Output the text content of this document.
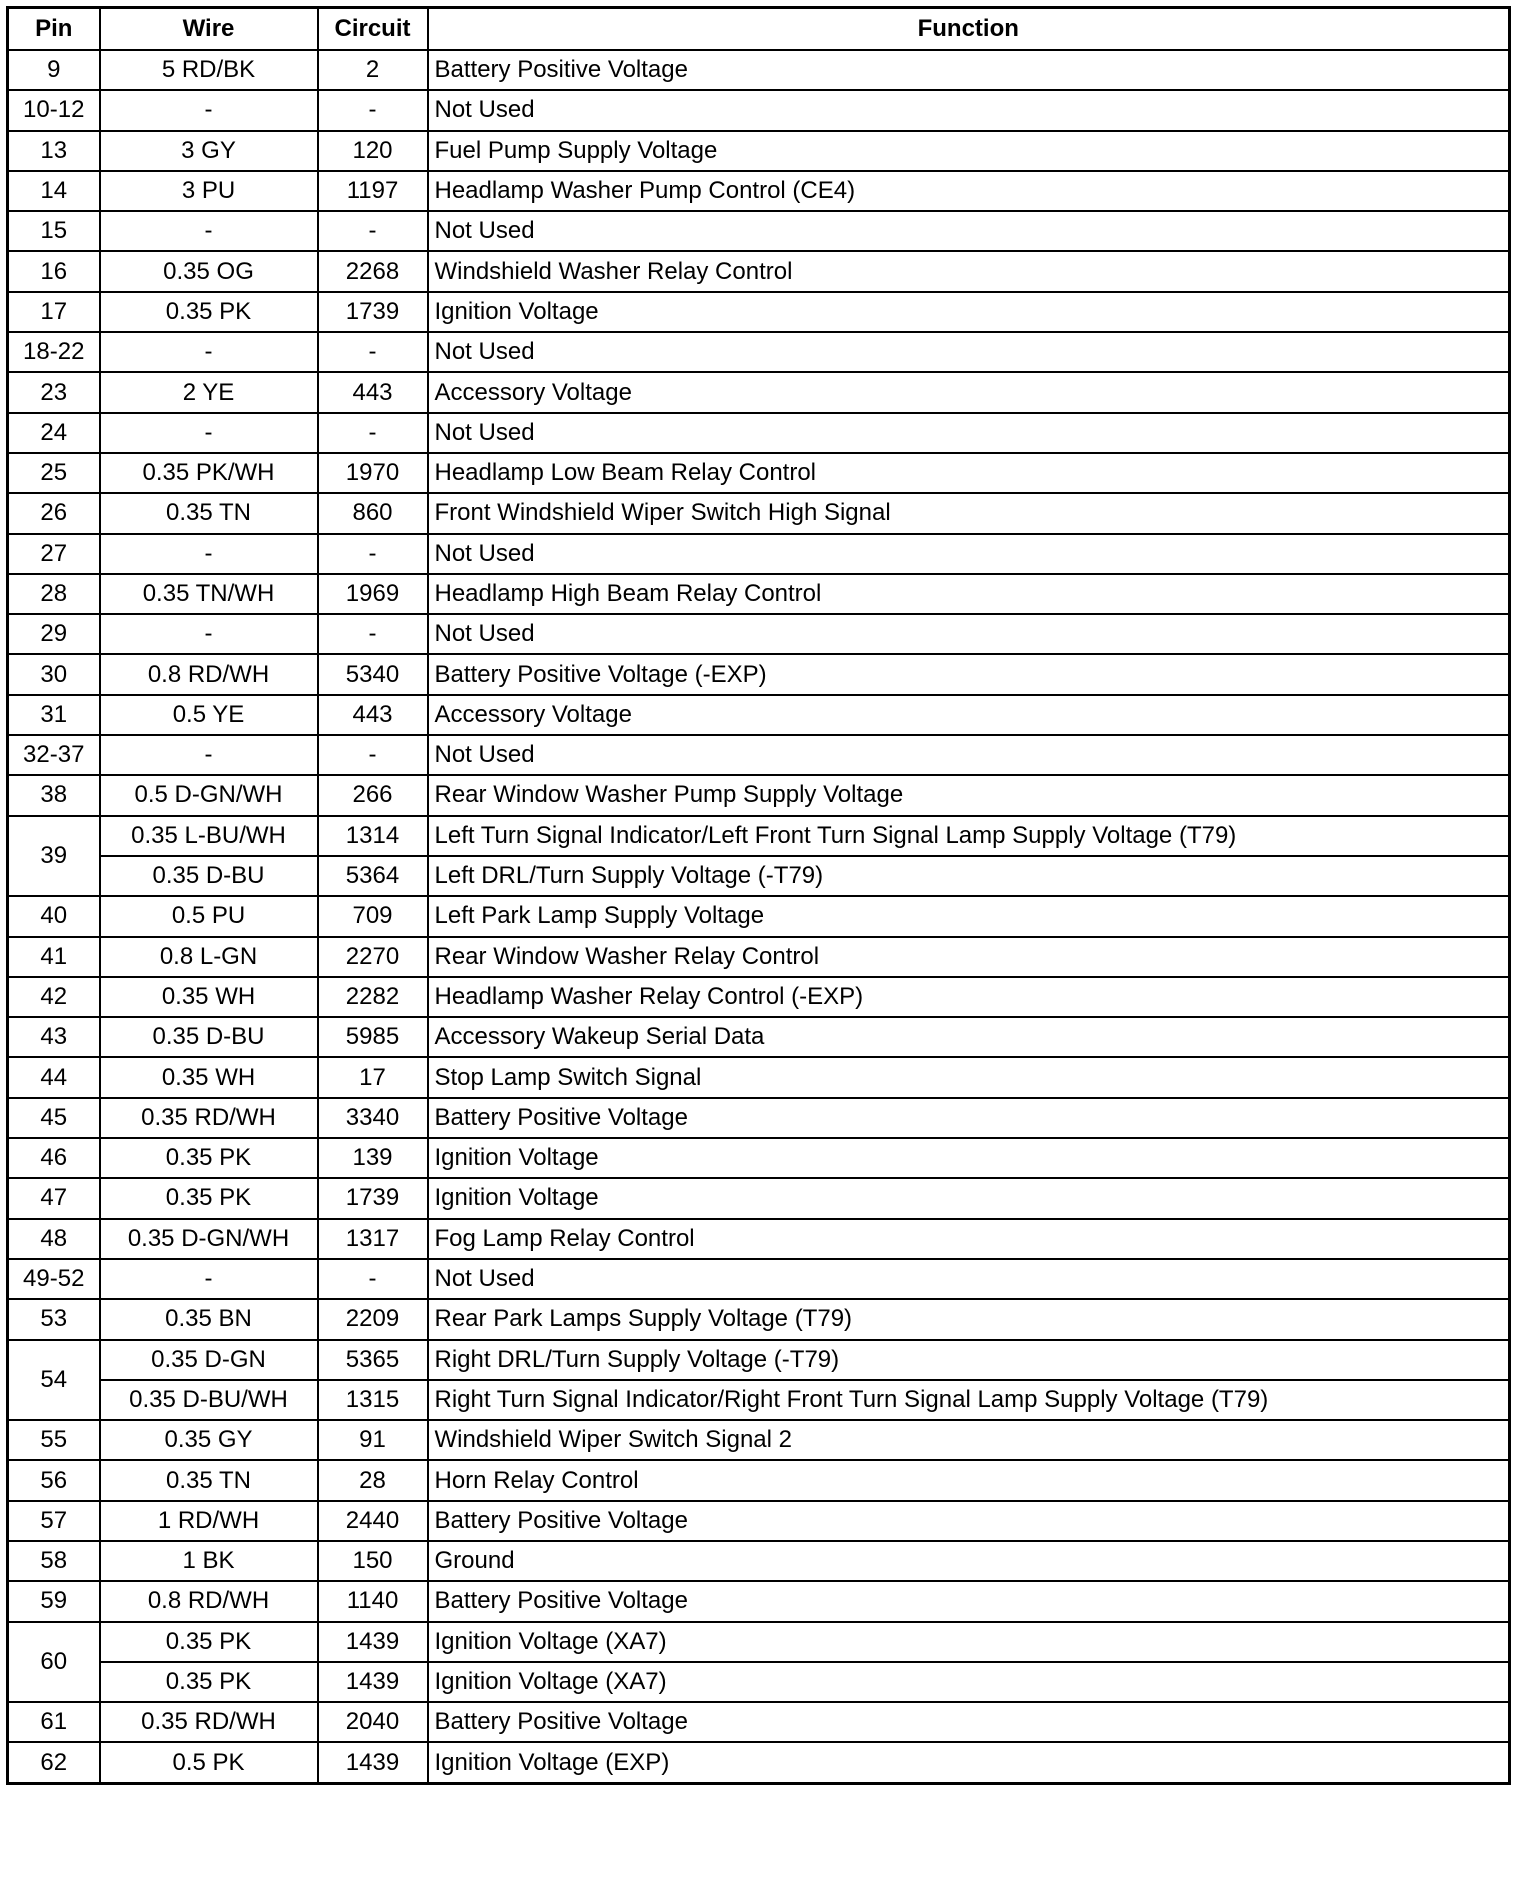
Pin	Wire	Circuit	Function
9	5 RD/BK	2	Battery Positive Voltage
10-12	-	-	Not Used
13	3 GY	120	Fuel Pump Supply Voltage
14	3 PU	1197	Headlamp Washer Pump Control (CE4)
15	-	-	Not Used
16	0.35 OG	2268	Windshield Washer Relay Control
17	0.35 PK	1739	Ignition Voltage
18-22	-	-	Not Used
23	2 YE	443	Accessory Voltage
24	-	-	Not Used
25	0.35 PK/WH	1970	Headlamp Low Beam Relay Control
26	0.35 TN	860	Front Windshield Wiper Switch High Signal
27	-	-	Not Used
28	0.35 TN/WH	1969	Headlamp High Beam Relay Control
29	-	-	Not Used
30	0.8 RD/WH	5340	Battery Positive Voltage (-EXP)
31	0.5 YE	443	Accessory Voltage
32-37	-	-	Not Used
38	0.5 D-GN/WH	266	Rear Window Washer Pump Supply Voltage
39	0.35 L-BU/WH	1314	Left Turn Signal Indicator/Left Front Turn Signal Lamp Supply Voltage (T79)
	0.35 D-BU	5364	Left DRL/Turn Supply Voltage (-T79)
40	0.5 PU	709	Left Park Lamp Supply Voltage
41	0.8 L-GN	2270	Rear Window Washer Relay Control
42	0.35 WH	2282	Headlamp Washer Relay Control (-EXP)
43	0.35 D-BU	5985	Accessory Wakeup Serial Data
44	0.35 WH	17	Stop Lamp Switch Signal
45	0.35 RD/WH	3340	Battery Positive Voltage
46	0.35 PK	139	Ignition Voltage
47	0.35 PK	1739	Ignition Voltage
48	0.35 D-GN/WH	1317	Fog Lamp Relay Control
49-52	-	-	Not Used
53	0.35 BN	2209	Rear Park Lamps Supply Voltage (T79)
54	0.35 D-GN	5365	Right DRL/Turn Supply Voltage (-T79)
	0.35 D-BU/WH	1315	Right Turn Signal Indicator/Right Front Turn Signal Lamp Supply Voltage (T79)
55	0.35 GY	91	Windshield Wiper Switch Signal 2
56	0.35 TN	28	Horn Relay Control
57	1 RD/WH	2440	Battery Positive Voltage
58	1 BK	150	Ground
59	0.8 RD/WH	1140	Battery Positive Voltage
60	0.35 PK	1439	Ignition Voltage (XA7)
	0.35 PK	1439	Ignition Voltage (XA7)
61	0.35 RD/WH	2040	Battery Positive Voltage
62	0.5 PK	1439	Ignition Voltage (EXP)
